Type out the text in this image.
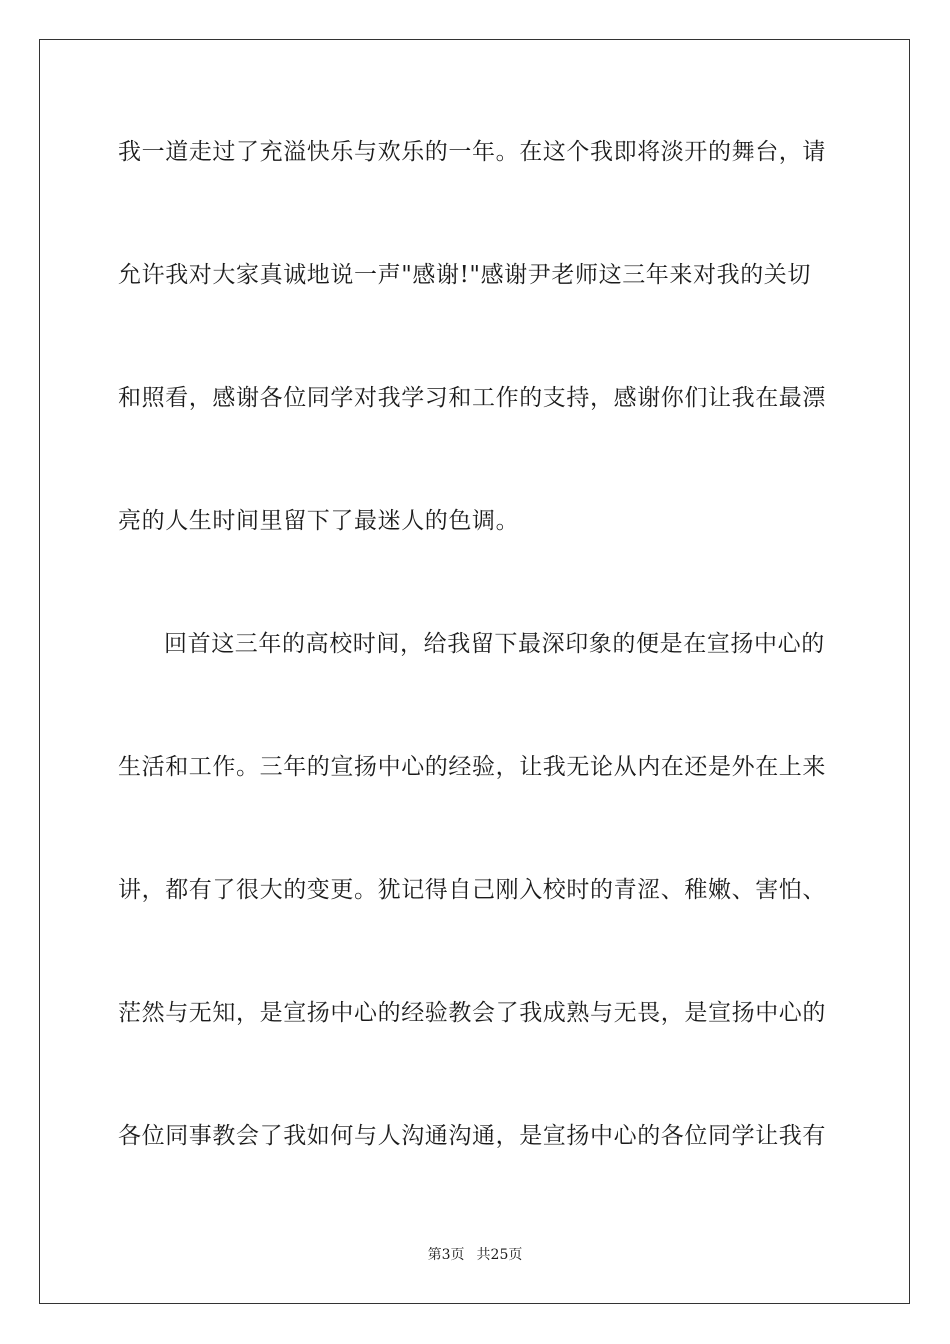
我一道走过了充溢快乐与欢乐的一年。在这个我即将淡开的舞台，请
允许我对大家真诚地说一声"感谢!"感谢尹老师这三年来对我的关切
和照看，感谢各位同学对我学习和工作的支持，感谢你们让我在最漂
亮的人生时间里留下了最迷人的色调。
回首这三年的高校时间，给我留下最深印象的便是在宣扬中心的
生活和工作。三年的宣扬中心的经验，让我无论从内在还是外在上来
讲，都有了很大的变更。犹记得自己刚入校时的青涩、稚嫩、害怕、
茫然与无知，是宣扬中心的经验教会了我成熟与无畏，是宣扬中心的
各位同事教会了我如何与人沟通沟通，是宣扬中心的各位同学让我有
第3页 共25页
